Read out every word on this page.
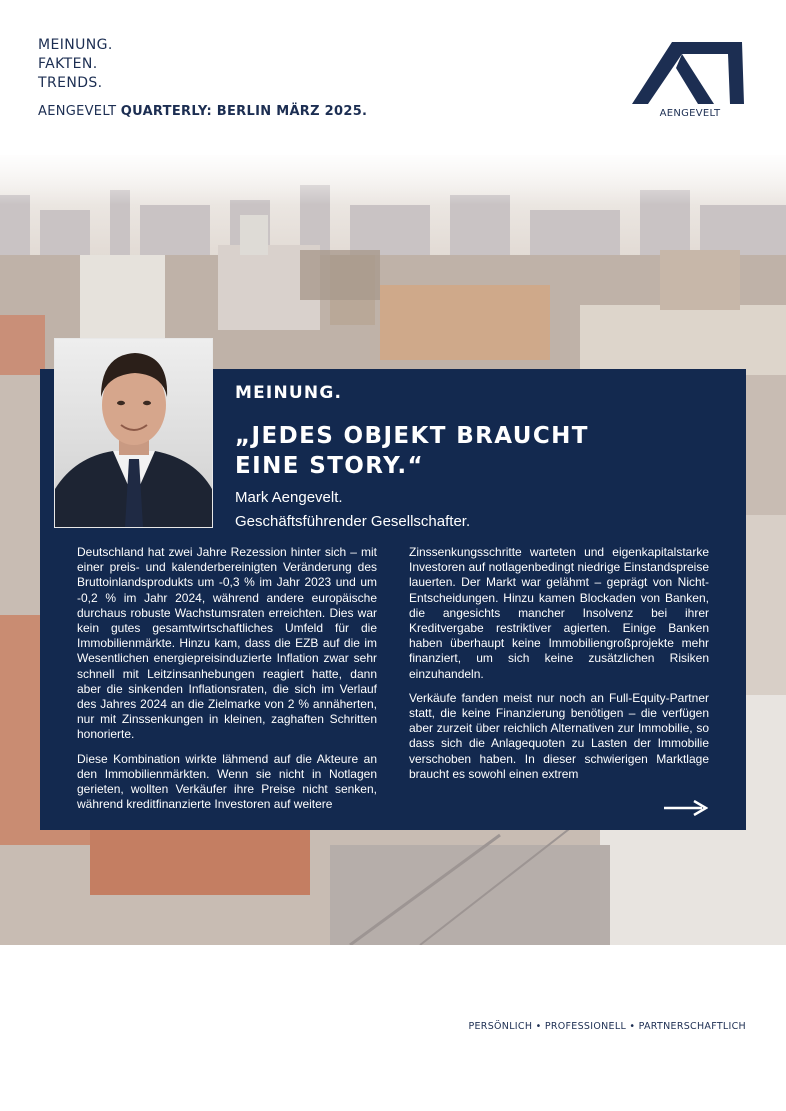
MEINUNG.
FAKTEN.
TRENDS.
AENGEVELT QUARTERLY: BERLIN MÄRZ 2025.	AENGEVELT
MEINUNG.
„JEDES OBJEKT BRAUCHT
EINE STORY.“
Mark Aengevelt.
Geschäftsführender Gesellschafter.

Deutschland hat zwei Jahre Rezession hinter sich – mit einer preis- und kalenderbereinigten Veränderung des Bruttoinlandsprodukts um -0,3 % im Jahr 2023 und um -0,2 % im Jahr 2024, während andere europäische durchaus robuste Wachstumsraten erreichten. Dies war kein gutes gesamtwirtschaftliches Umfeld für die Immobilienmärkte. Hinzu kam, dass die EZB auf die im Wesentlichen energiepreisinduzierte Inflation zwar sehr schnell mit Leitzinsanhebungen reagiert hatte, dann aber die sinkenden Inflationsraten, die sich im Verlauf des Jahres 2024 an die Zielmarke von 2 % annäherten, nur mit Zinssenkungen in kleinen, zaghaften Schritten honorierte.

Diese Kombination wirkte lähmend auf die Akteure an den Immobilienmärkten. Wenn sie nicht in Notlagen gerieten, wollten Verkäufer ihre Preise nicht senken, während kreditfinanzierte Investoren auf weitere

Zinssenkungsschritte warteten und eigenkapitalstarke Investoren auf notlagenbedingt niedrige Einstandspreise lauerten. Der Markt war gelähmt – geprägt von Nicht-Entscheidungen. Hinzu kamen Blockaden von Banken, die angesichts mancher Insolvenz bei ihrer Kreditvergabe restriktiver agierten. Einige Banken haben überhaupt keine Immobiliengroßprojekte mehr finanziert, um sich keine zusätzlichen Risiken einzuhandeln.

Verkäufe fanden meist nur noch an Full-Equity-Partner statt, die keine Finanzierung benötigen – die verfügen aber zurzeit über reichlich Alternativen zur Immobilie, so dass sich die Anlagequoten zu Lasten der Immobilie verschoben haben. In dieser schwierigen Marktlage braucht es sowohl einen extrem

PERSÖNLICH • PROFESSIONELL • PARTNERSCHAFTLICH
